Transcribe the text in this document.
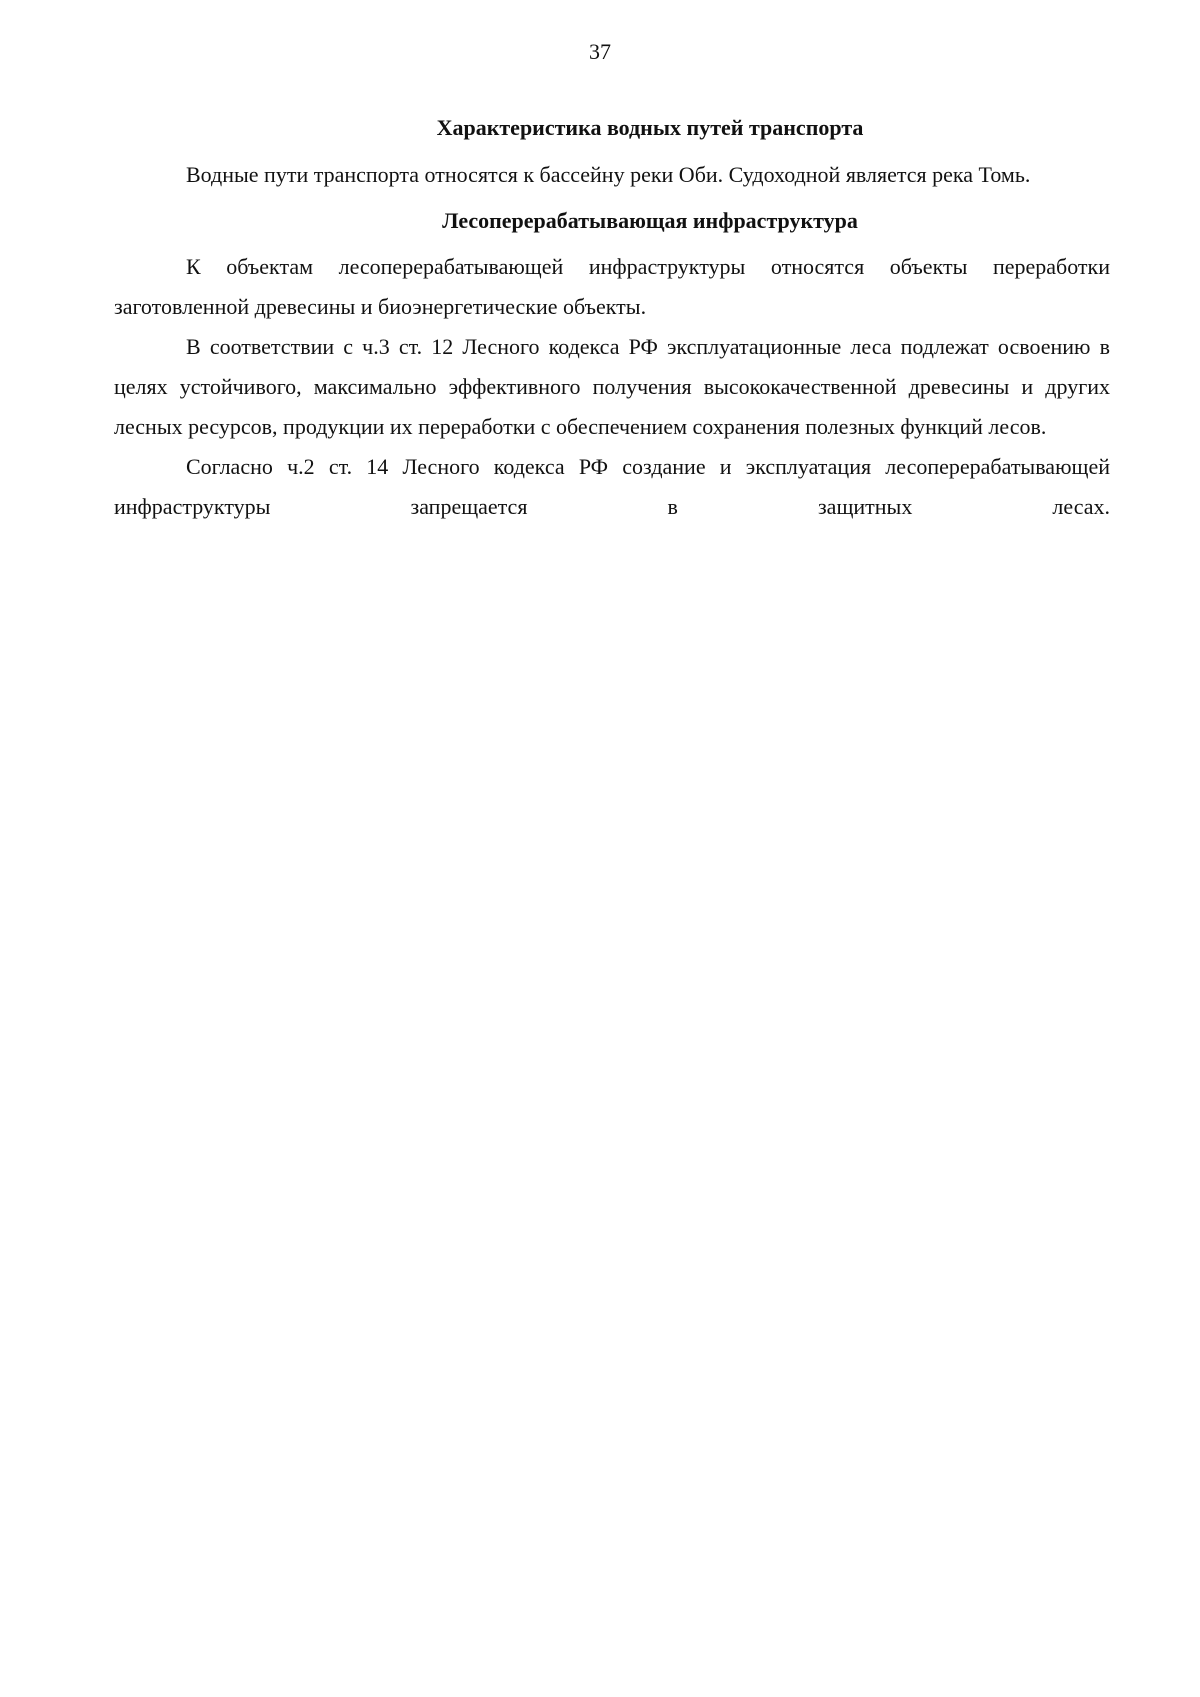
37
Характеристика водных путей транспорта

Водные пути транспорта относятся к бассейну реки Оби. Судоходной является река Томь.

Лесоперерабатывающая инфраструктура

К объектам лесоперерабатывающей инфраструктуры относятся объекты переработки заготовленной древесины и биоэнергетические объекты.

В соответствии с ч.3 ст. 12 Лесного кодекса РФ эксплуатационные леса подлежат освоению в целях устойчивого, максимально эффективного получения высококачественной древесины и других лесных ресурсов, продукции их переработки с обеспечением сохранения полезных функций лесов.

Согласно ч.2 ст. 14 Лесного кодекса РФ создание и эксплуатация лесоперерабатывающей инфраструктуры запрещается в защитных лесах.
